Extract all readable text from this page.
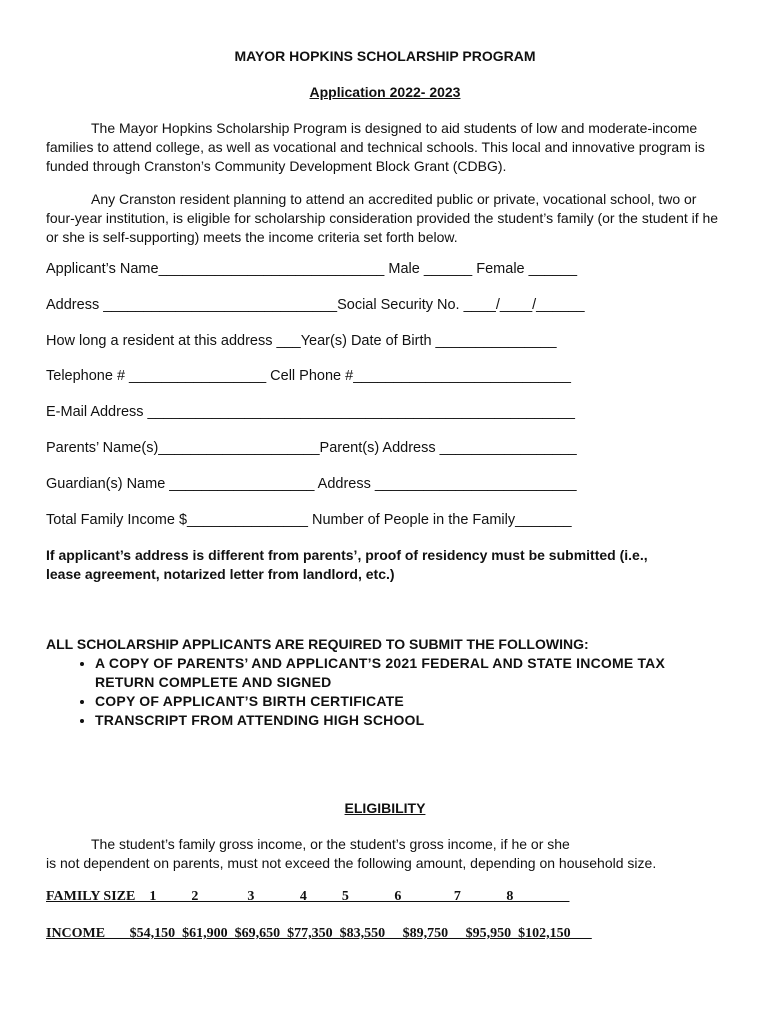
MAYOR HOPKINS SCHOLARSHIP PROGRAM
Application 2022- 2023
The Mayor Hopkins Scholarship Program is designed to aid students of low and moderate-income families to attend college, as well as vocational and technical schools. This local and innovative program is funded through Cranston’s Community Development Block Grant (CDBG).
Any Cranston resident planning to attend an accredited public or private, vocational school, two or four-year institution, is eligible for scholarship consideration provided the student’s family (or the student if he or she is self-supporting) meets the income criteria set forth below.
Applicant’s Name____________________________ Male ______ Female ______
Address _____________________________Social Security No. ____/____/______
How long a resident at this address ___Year(s) Date of Birth _______________
Telephone # _________________ Cell Phone #___________________________
E-Mail Address _____________________________________________________
Parents’ Name(s)____________________Parent(s) Address _________________
Guardian(s) Name __________________ Address _________________________
Total Family Income $_______________ Number of People in the Family_______
If applicant’s address is different from parents’, proof of residency must be submitted (i.e.,
lease agreement, notarized letter from landlord, etc.)
ALL SCHOLARSHIP APPLICANTS ARE REQUIRED TO SUBMIT THE FOLLOWING:
• A COPY OF PARENTS’ AND APPLICANT’S 2021 FEDERAL AND STATE INCOME TAX
RETURN COMPLETE AND SIGNED
• COPY OF APPLICANT’S BIRTH CERTIFICATE
• TRANSCRIPT FROM ATTENDING HIGH SCHOOL
ELIGIBILITY
The student’s family gross income, or the student’s gross income, if he or she
is not dependent on parents, must not exceed the following amount, depending on household size.
FAMILY SIZE    1___ _ 2_______3__ ____4_____5_____ _6_____ __7__ ____8________
INCOME___ $54,150  $61,900  $69,650  $77,350  $83,550__ $89,750__ $95,950  $102,150___
